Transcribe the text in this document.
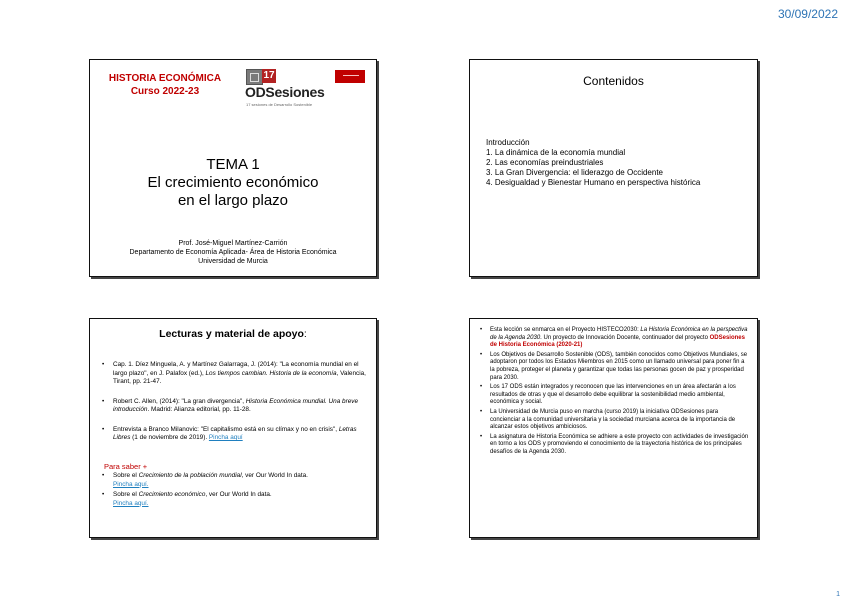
30/09/2022
HISTORIA ECONÓMICA
Curso 2022-23
17
ODSesiones
17 sesiones de Desarrollo Sostenible
TEMA 1
El crecimiento económico
en el largo plazo
Prof. José-Miguel Martínez-Carrión
Departamento de Economía Aplicada- Área de Historia Económica
Universidad de Murcia
Contenidos
Introducción
1. La dinámica de la economía mundial
2. Las economías preindustriales
3. La Gran Divergencia: el liderazgo de Occidente
4. Desigualdad y Bienestar Humano en perspectiva histórica
Lecturas y material de apoyo:
• Cap. 1. Díez Minguela, A. y Martínez Galarraga, J. (2014): "La economía mundial en el largo plazo", en J. Palafox (ed.), Los tiempos cambian. Historia de la economía, Valencia, Tirant, pp. 21-47.
• Robert C. Allen, (2014): "La gran divergencia", Historia Económica mundial. Una breve introducción. Madrid: Alianza editorial, pp. 11-28.
• Entrevista a Branco Milanovic: "El capitalismo está en su clímax y no en crisis", Letras Libres (1 de noviembre de 2019). Pincha aquí
Para saber +
• Sobre el Crecimiento de la población mundial, ver Our World In data.
Pincha aquí.
• Sobre el Crecimiento económico, ver Our World In data.
Pincha aquí.
• Esta lección se enmarca en el Proyecto HISTECO2030: La Historia Económica en la perspectiva de la Agenda 2030. Un proyecto de Innovación Docente, continuador del proyecto ODSesiones de Historia Económica (2020-21)
• Los Objetivos de Desarrollo Sostenible (ODS), también conocidos como Objetivos Mundiales, se adoptaron por todos los Estados Miembros en 2015 como un llamado universal para poner fin a la pobreza, proteger el planeta y garantizar que todas las personas gocen de paz y prosperidad para 2030.
• Los 17 ODS están integrados y reconocen que las intervenciones en un área afectarán a los resultados de otras y que el desarrollo debe equilibrar la sostenibilidad medio ambiental, económica y social.
• La Universidad de Murcia puso en marcha (curso 2019) la iniciativa ODSesiones para concienciar a la comunidad universitaria y la sociedad murciana acerca de la importancia de alcanzar estos objetivos ambiciosos.
• La asignatura de Historia Económica se adhiere a este proyecto con actividades de investigación en torno a los ODS y promoviendo el conocimiento de la trayectoria histórica de los principales desafíos de la Agenda 2030.
1
